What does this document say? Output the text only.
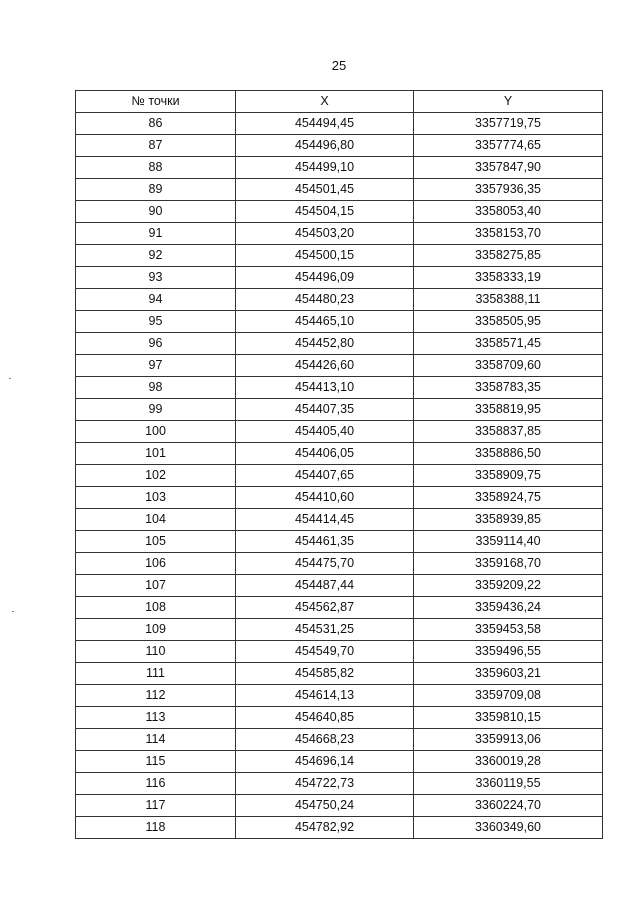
25
№ точки	X	Y
86	454494,45	3357719,75
87	454496,80	3357774,65
88	454499,10	3357847,90
89	454501,45	3357936,35
90	454504,15	3358053,40
91	454503,20	3358153,70
92	454500,15	3358275,85
93	454496,09	3358333,19
94	454480,23	3358388,11
95	454465,10	3358505,95
96	454452,80	3358571,45
97	454426,60	3358709,60
98	454413,10	3358783,35
99	454407,35	3358819,95
100	454405,40	3358837,85
101	454406,05	3358886,50
102	454407,65	3358909,75
103	454410,60	3358924,75
104	454414,45	3358939,85
105	454461,35	3359114,40
106	454475,70	3359168,70
107	454487,44	3359209,22
108	454562,87	3359436,24
109	454531,25	3359453,58
110	454549,70	3359496,55
111	454585,82	3359603,21
112	454614,13	3359709,08
113	454640,85	3359810,15
114	454668,23	3359913,06
115	454696,14	3360019,28
116	454722,73	3360119,55
117	454750,24	3360224,70
118	454782,92	3360349,60
